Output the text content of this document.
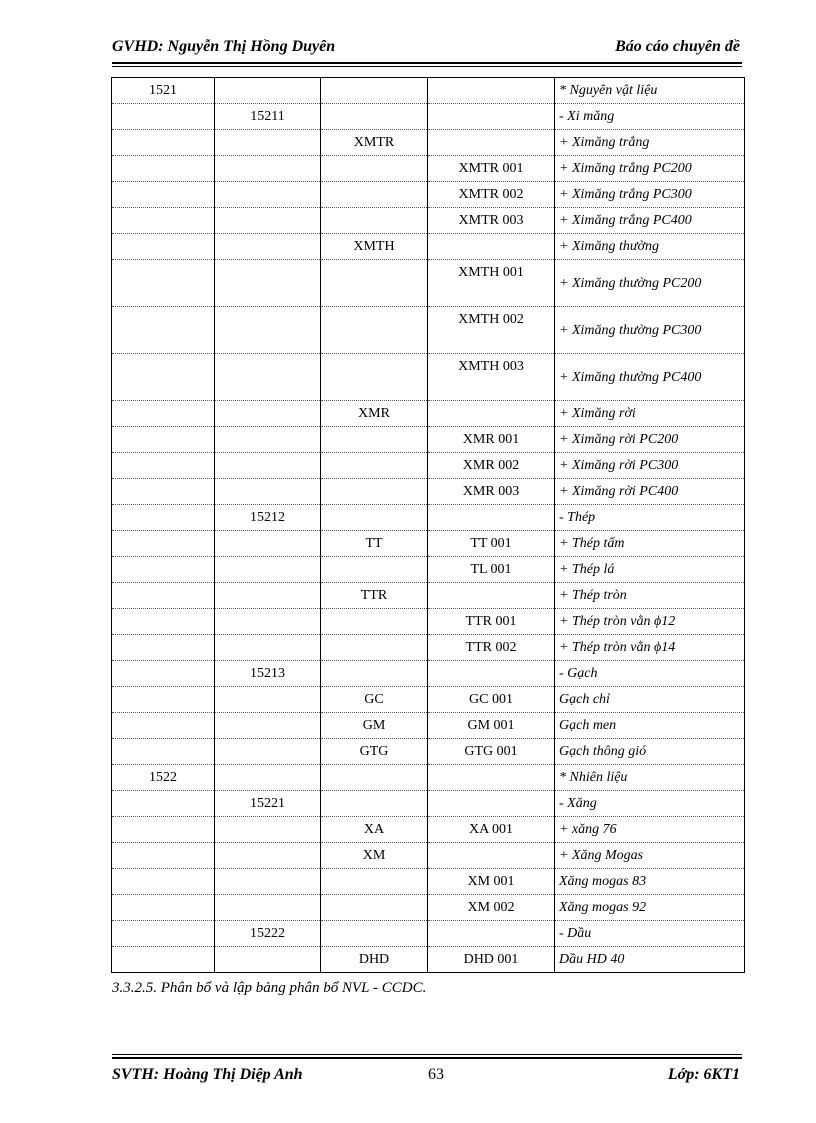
GVHD: Nguyễn Thị Hồng Duyên	Báo cáo chuyên đề
1521				* Nguyên vật liệu
	15211			- Xi măng
		XMTR		+ Ximăng trắng
			XMTR 001	+ Ximăng trắng PC200
			XMTR 002	+ Ximăng trắng PC300
			XMTR 003	+ Ximăng trắng PC400
		XMTH		+ Ximăng thường
			XMTH 001	+ Ximăng thường PC200
			XMTH 002	+ Ximăng thường PC300
			XMTH 003	+ Ximăng thường PC400
		XMR		+ Ximăng rời
			XMR 001	+ Ximăng rời PC200
			XMR 002	+ Ximăng rời PC300
			XMR 003	+ Ximăng rời PC400
	15212			- Thép
		TT	TT 001	+ Thép tấm
			TL 001	+ Thép lá
		TTR		+ Thép tròn
			TTR 001	+ Thép tròn vằn ϕ12
			TTR 002	+ Thép tròn vằn ϕ14
	15213			- Gạch
		GC	GC 001	Gạch chỉ
		GM	GM 001	Gạch men
		GTG	GTG 001	Gạch thông gió
1522				* Nhiên liệu
	15221			- Xăng
		XA	XA 001	+ xăng 76
		XM		+ Xăng Mogas
			XM 001	Xăng mogas 83
			XM 002	Xăng mogas 92
	15222			- Dầu
		DHD	DHD 001	Dầu HD 40
3.3.2.5. Phân bổ và lập bảng phân bổ NVL - CCDC.
SVTH: Hoàng Thị Diệp Anh	63	Lớp: 6KT1
